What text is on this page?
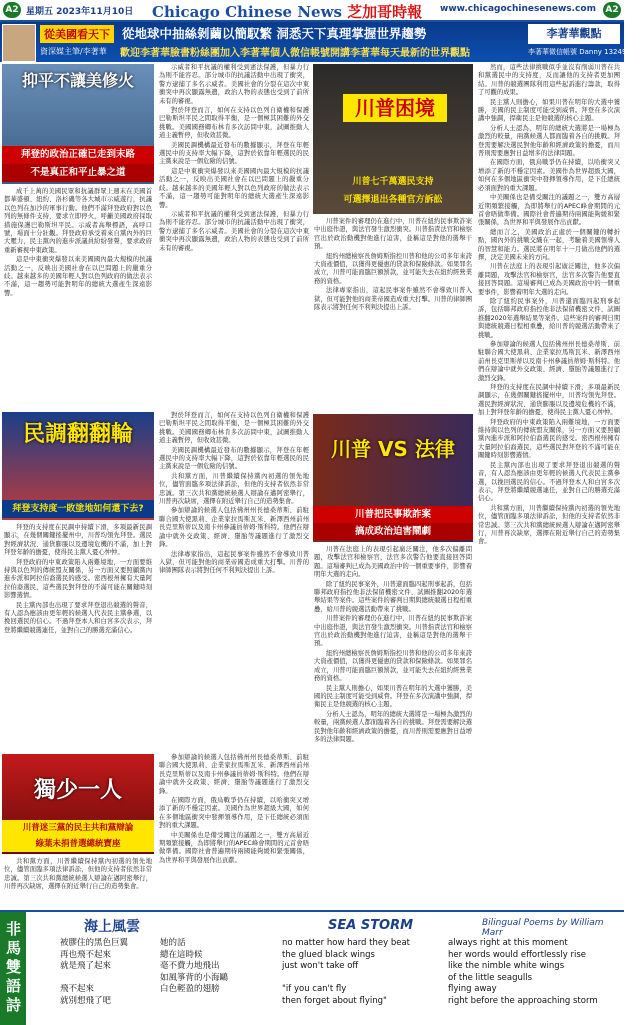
A2 星期五 2023年11月10日 Chicago Chinese News 芝加哥時報 www.chicagochinesenews.com A2
從美國看天下
資深媒主筆/李著華
從地球中抽絲剝繭以簡馭繁 洞悉天下真理掌握世界趨勢
歡迎李著華臉書粉絲團加入李著華個人微信帳號開講李著華每天最新的世界觀點
李著華觀點
李著華微信帳號 Danny 13249783
抑平不讓美修火
拜登的政治正確已走到末路
不是真正和平止暴之道

成千上萬的美國民眾和抗議群眾上週末在美國首都華盛頓、紐約、洛杉磯等各大城市示威遊行，抗議以色列在加沙的軍事行動。他們不滿拜登政府對以色列的無條件支持，要求立即停火，呼籲美國政府採取措施保護巴勒斯坦平民。示威者高舉標語，高呼口號，場面十分壯觀。拜登政府承受着來自黨內外的巨大壓力，民主黨內的進步派議員紛紛發聲，要求政府重新審視中東政策。

這是中東衝突爆發以來美國國內最大規模的抗議活動之一，反映出美國社會在以巴問題上的嚴重分歧。越來越多的美國年輕人對以色列政府的做法表示不滿，這一趨勢可能對明年的總統大選產生深遠影響。

示威者和平抗議的權利受到憲法保護，但暴力行為則不能容忍。部分城市的抗議活動中出現了衝突，警方逮捕了多名示威者。美國社會的分裂在這次中東衝突中再次顯露無遺，政治人物的表態也受到了前所未有的審視。

對於拜登而言，如何在支持以色列自衛權和保護巴勒斯坦平民之間取得平衡，是一個極其困難的外交挑戰。美國國務卿布林肯多次訪問中東，試圖推動人道主義暫停，但收效甚微。

美國民調機構最近發布的數據顯示，拜登在年輕選民中的支持率大幅下降，這對於依靠年輕選民的民主黨來說是一個危險的信號。

這是中東衝突爆發以來美國國內最大規模的抗議活動之一，反映出美國社會在以巴問題上的嚴重分歧。越來越多的美國年輕人對以色列政府的做法表示不滿，這一趨勢可能對明年的總統大選產生深遠影響。

示威者和平抗議的權利受到憲法保護，但暴力行為則不能容忍。部分城市的抗議活動中出現了衝突，警方逮捕了多名示威者。美國社會的分裂在這次中東衝突中再次顯露無遺，政治人物的表態也受到了前所未有的審視。

川普困境
川普七千萬選民支持
可選擇退出各種官方訴訟

川普案件的審理仍在進行中，川普在紐約民事欺詐案中出庭作證，與法官發生激烈衝突。川普指責法官和檢察官出於政治動機對他進行迫害，並稱這是對他的選舉干預。

紐約州總檢察長詹姆斯指控川普和他的公司多年來誇大資產價值，以獲得更優惠的貸款和保險條款。如果罪名成立，川普可能面臨巨額罰款，並可能失去在紐約經營業務的資格。

法律專家指出，這起民事案件雖然不會導致川普入獄，但可能對他的商業帝國造成重大打擊。川普的律師團隊表示將對任何不利判決提出上訴。

然而，這些法律挑戰似乎並沒有削弱川普在共和黨選民中的支持度，反而讓他的支持者更加團結。川普的競選團隊利用這些起訴進行籌款，取得了可觀的成果。

民主黨人則擔心，如果川普在明年的大選中獲勝，美國的民主制度可能受到威脅。拜登在多次演講中強調，捍衛民主是他競選的核心主題。

分析人士認為，明年的總統大選將是一場極為激烈的較量，兩黨候選人都面臨着各自的挑戰。拜登需要解決選民對他年齡和經濟政策的擔憂，而川普則需要應對日益增多的法律問題。

在國際方面，俄烏戰爭仍在持續，以哈衝突又增添了新的不穩定因素。美國作為世界超級大國，如何在多個地區衝突中發揮領導作用，是下任總統必須面對的重大課題。

中美關係也是備受關注的議題之一，雙方高層近期頻繁接觸，為即將舉行的APEC峰會期間的元首會晤做準備。國際社會普遍期待兩國能夠緩和緊張關係，為世界和平與發展作出貢獻。

總而言之，美國政治正處於一個關鍵的轉折點，國內外的挑戰交織在一起，考驗着美國領導人的智慧和能力。選民將在明年十一月做出他們的選擇，決定美國未來的方向。

川普在法庭上的表現引起廣泛關注，他多次偏離問題，攻擊法官和檢察官，法官多次警告他要直接回答問題。這場審判已成為美國政治中的一個重要事件，影響着明年大選的走向。

除了紐約民事案外，川普還面臨四起刑事起訴，包括聯邦政府指控他非法保留機密文件、試圖推翻2020年選舉結果等案件。這些案件的審判日期與總統競選日程相重疊，給川普的競選活動帶來了挑戰。

參加辯論的候選人包括佛州州長德桑蒂斯、前駐聯合國大使黑莉、企業家拉馬斯瓦米、新澤西州前州長克里斯蒂以及南卡州參議員蒂姆·斯科特。他們在辯論中就外交政策、經濟、墮胎等議題進行了激烈交鋒。

拜登的支持度在民調中持續下滑，多項最新民調顯示，在幾個關鍵搖擺州中，川普均領先拜登。選民對經濟狀況、通貨膨脹以及邊境危機的不滿，加上對拜登年齡的擔憂，使得民主黨人憂心忡忡。

拜登政府的中東政策陷入兩難境地，一方面要維持與以色列的傳統盟友關係，另一方面又要照顧黨內進步派和阿拉伯裔選民的感受。密西根州擁有大量阿拉伯裔選民，這些選民對拜登的不滿可能在關鍵時刻影響選情。

民主黨內部也出現了要求拜登退出競選的聲音，有人認為應該由更年輕的候選人代表民主黨參選，以挽回選民的信心。不過拜登本人和白宮多次表示，拜登將繼續競選連任，並對自己的勝選充滿信心。

共和黨方面，川普繼續保持黨內初選的領先地位，儘管面臨多項法律訴訟，但他的支持者依然非常忠誠。第三次共和黨總統候選人辯論在邁阿密舉行，川普再次缺席，選擇在附近舉行自己的造勢集會。

民調翻翻輪
拜登支持度一敗塗地如何還下去?

拜登的支持度在民調中持續下滑，多項最新民調顯示，在幾個關鍵搖擺州中，川普均領先拜登。選民對經濟狀況、通貨膨脹以及邊境危機的不滿，加上對拜登年齡的擔憂，使得民主黨人憂心忡忡。

拜登政府的中東政策陷入兩難境地，一方面要維持與以色列的傳統盟友關係，另一方面又要照顧黨內進步派和阿拉伯裔選民的感受。密西根州擁有大量阿拉伯裔選民，這些選民對拜登的不滿可能在關鍵時刻影響選情。

民主黨內部也出現了要求拜登退出競選的聲音，有人認為應該由更年輕的候選人代表民主黨參選，以挽回選民的信心。不過拜登本人和白宮多次表示，拜登將繼續競選連任，並對自己的勝選充滿信心。

對於拜登而言，如何在支持以色列自衛權和保護巴勒斯坦平民之間取得平衡，是一個極其困難的外交挑戰。美國國務卿布林肯多次訪問中東，試圖推動人道主義暫停，但收效甚微。

美國民調機構最近發布的數據顯示，拜登在年輕選民中的支持率大幅下降，這對於依靠年輕選民的民主黨來說是一個危險的信號。

共和黨方面，川普繼續保持黨內初選的領先地位，儘管面臨多項法律訴訟，但他的支持者依然非常忠誠。第三次共和黨總統候選人辯論在邁阿密舉行，川普再次缺席，選擇在附近舉行自己的造勢集會。

參加辯論的候選人包括佛州州長德桑蒂斯、前駐聯合國大使黑莉、企業家拉馬斯瓦米、新澤西州前州長克里斯蒂以及南卡州參議員蒂姆·斯科特。他們在辯論中就外交政策、經濟、墮胎等議題進行了激烈交鋒。

法律專家指出，這起民事案件雖然不會導致川普入獄，但可能對他的商業帝國造成重大打擊。川普的律師團隊表示將對任何不利判決提出上訴。

川普 VS 法律
川普把民事欺詐案
搞成政治迫害鬧劇

川普在法庭上的表現引起廣泛關注，他多次偏離問題，攻擊法官和檢察官，法官多次警告他要直接回答問題。這場審判已成為美國政治中的一個重要事件，影響着明年大選的走向。

除了紐約民事案外，川普還面臨四起刑事起訴，包括聯邦政府指控他非法保留機密文件、試圖推翻2020年選舉結果等案件。這些案件的審判日期與總統競選日程相重疊，給川普的競選活動帶來了挑戰。

川普案件的審理仍在進行中，川普在紐約民事欺詐案中出庭作證，與法官發生激烈衝突。川普指責法官和檢察官出於政治動機對他進行迫害，並稱這是對他的選舉干預。

紐約州總檢察長詹姆斯指控川普和他的公司多年來誇大資產價值，以獲得更優惠的貸款和保險條款。如果罪名成立，川普可能面臨巨額罰款，並可能失去在紐約經營業務的資格。

民主黨人則擔心，如果川普在明年的大選中獲勝，美國的民主制度可能受到威脅。拜登在多次演講中強調，捍衛民主是他競選的核心主題。

分析人士認為，明年的總統大選將是一場極為激烈的較量，兩黨候選人都面臨着各自的挑戰。拜登需要解決選民對他年齡和經濟政策的擔憂，而川普則需要應對日益增多的法律問題。

獨少一人
川普迷三黨的民主共和黨辯論
綠葉未捐普選總統寶座

共和黨方面，川普繼續保持黨內初選的領先地位，儘管面臨多項法律訴訟，但他的支持者依然非常忠誠。第三次共和黨總統候選人辯論在邁阿密舉行，川普再次缺席，選擇在附近舉行自己的造勢集會。

參加辯論的候選人包括佛州州長德桑蒂斯、前駐聯合國大使黑莉、企業家拉馬斯瓦米、新澤西州前州長克里斯蒂以及南卡州參議員蒂姆·斯科特。他們在辯論中就外交政策、經濟、墮胎等議題進行了激烈交鋒。

在國際方面，俄烏戰爭仍在持續，以哈衝突又增添了新的不穩定因素。美國作為世界超級大國，如何在多個地區衝突中發揮領導作用，是下任總統必須面對的重大課題。

中美關係也是備受關注的議題之一，雙方高層近期頻繁接觸，為即將舉行的APEC峰會期間的元首會晤做準備。國際社會普遍期待兩國能夠緩和緊張關係，為世界和平與發展作出貢獻。

非馬雙語詩	海上風雲	SEA STORM	Bilingual Poems by William Marr
被膠住的黑色巨翼
再也飛不起來
就是飛了起來

飛不起來
就別想飛了吧
她的話
總在這時候
毫不費力地飛出
如風箏背的小海鷗
白色輕盈的翅膀
no matter how hard they beat
the glued black wings
just won't take off

"if you can't fly
then forget about flying"
always right at this moment
her words would effortlessly rise
like the nimble white wings
of the little seagulls
flying away
right before the approaching storm
